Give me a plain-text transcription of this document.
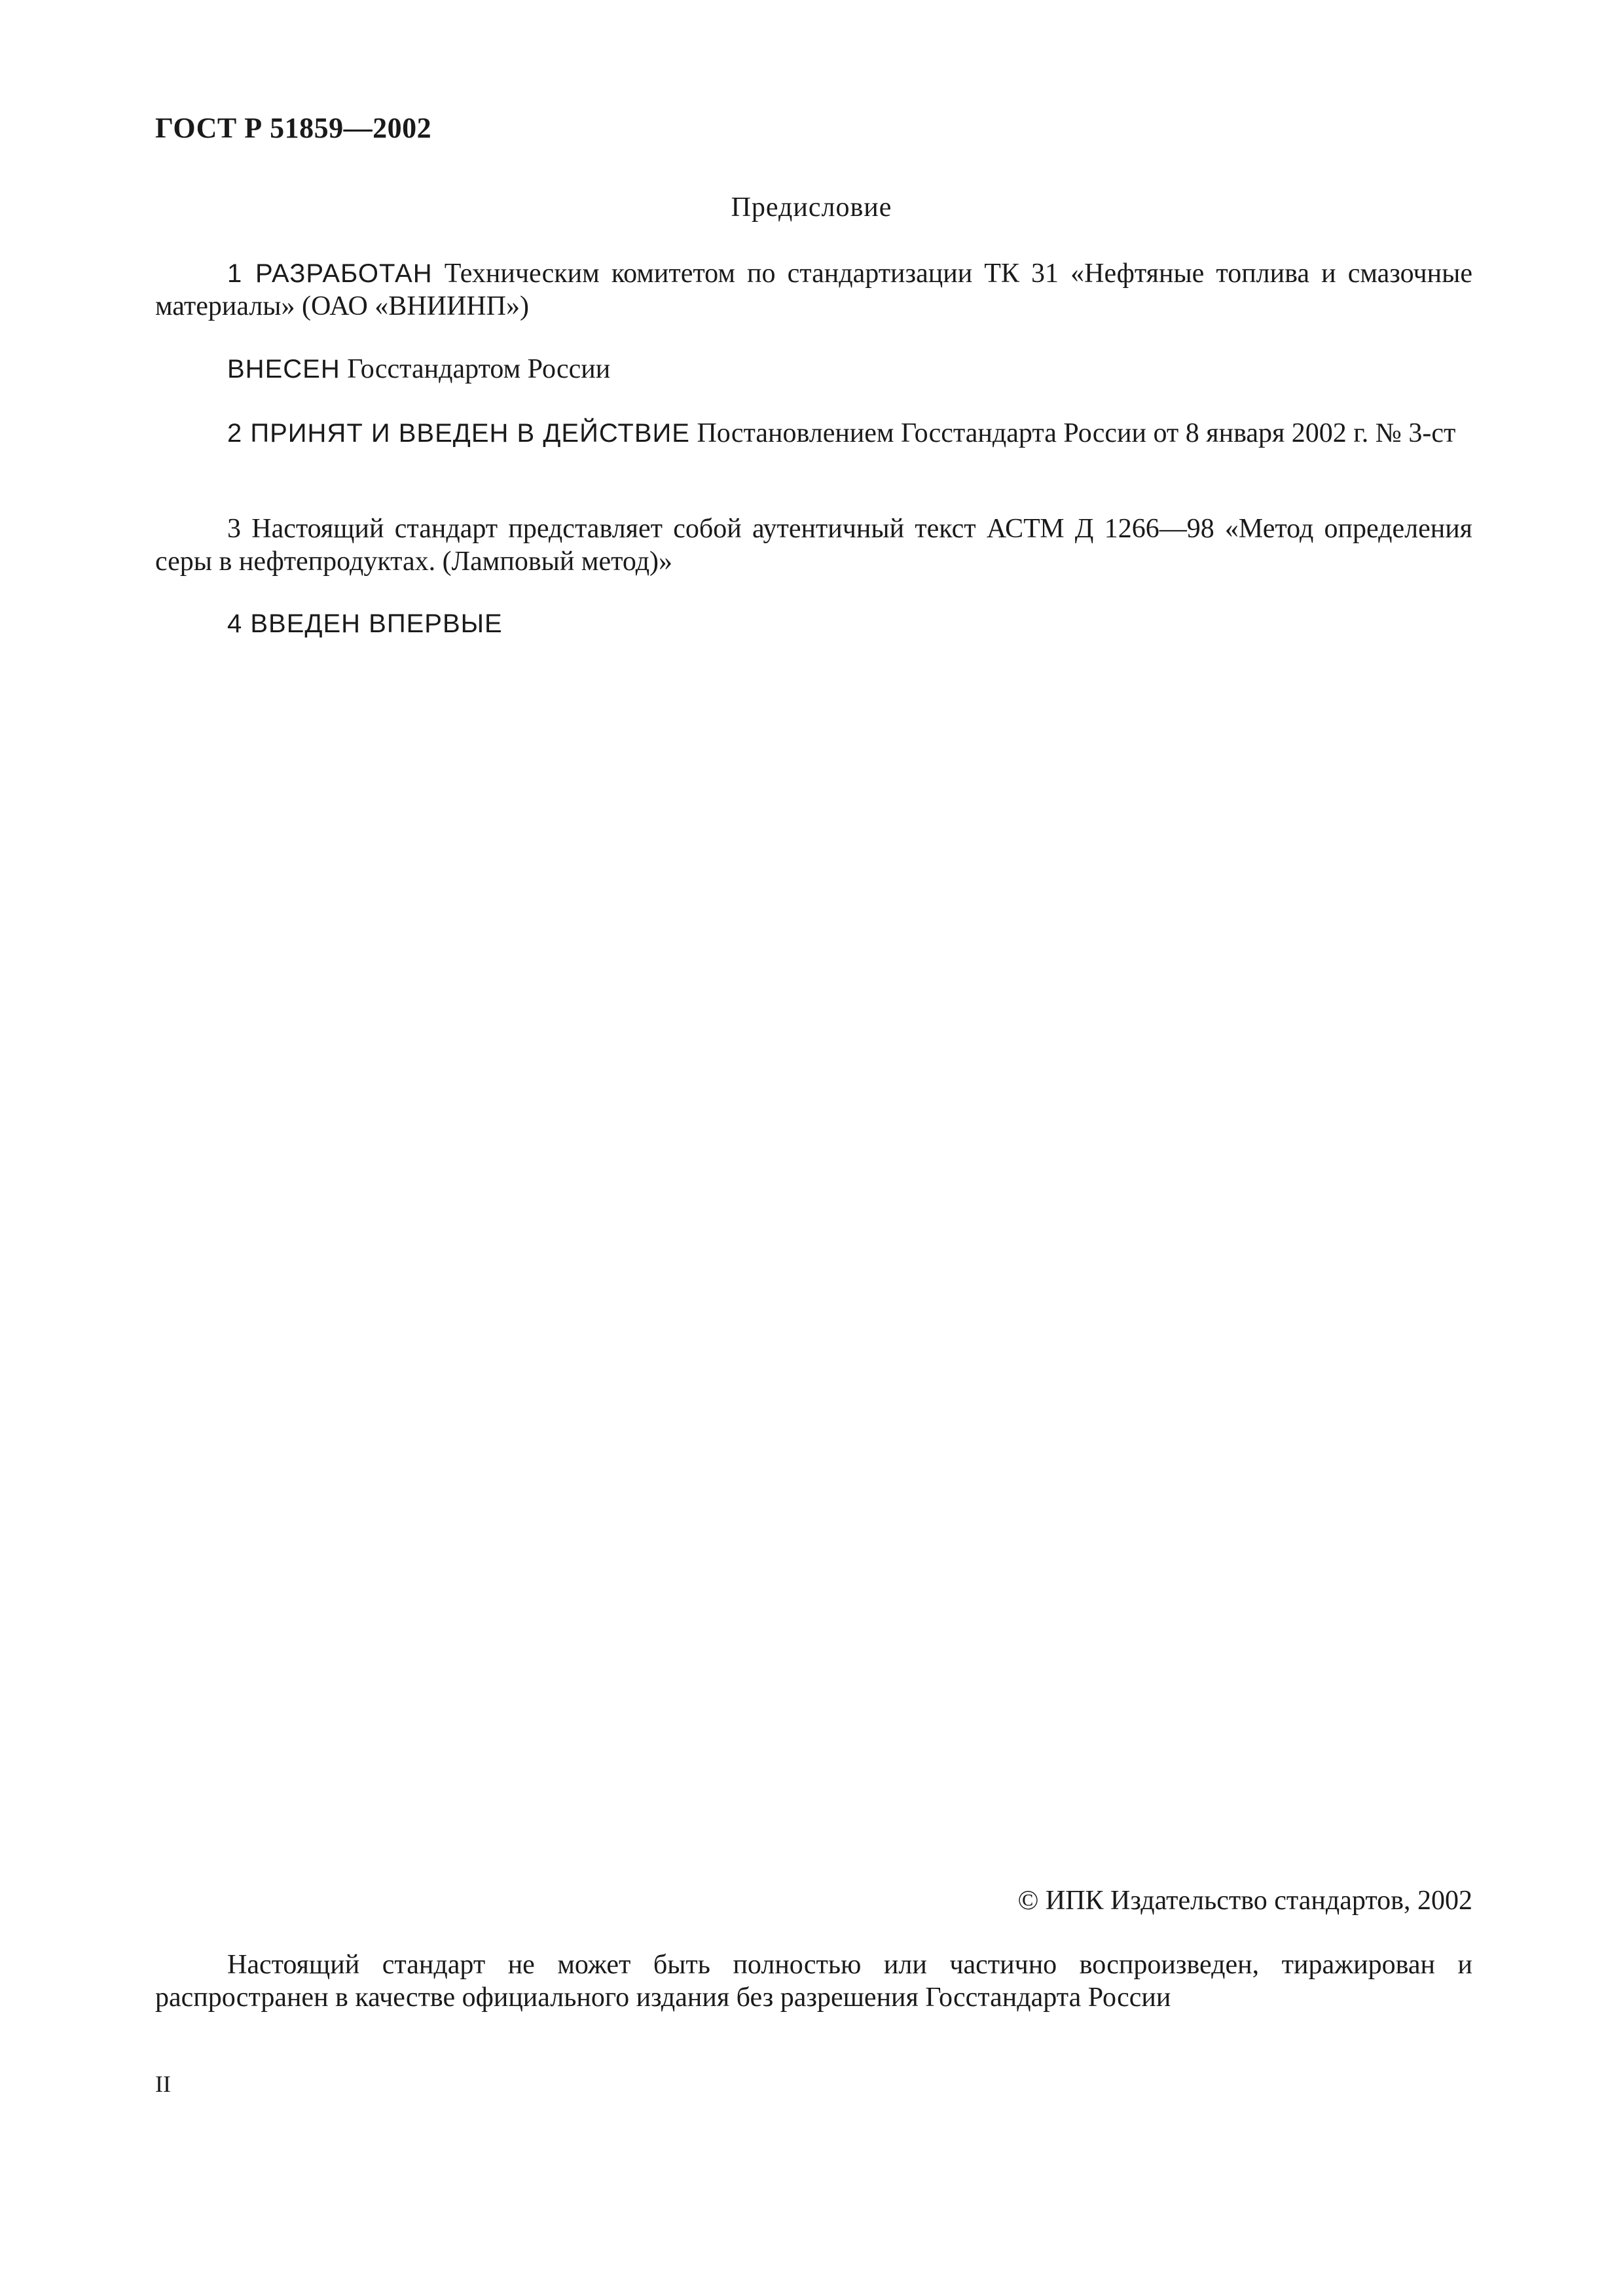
ГОСТ Р 51859—2002
Предисловие
1 РАЗРАБОТАН Техническим комитетом по стандартизации ТК 31 «Нефтяные топлива и смазочные материалы» (ОАО «ВНИИНП»)
ВНЕСЕН Госстандартом России
2 ПРИНЯТ И ВВЕДЕН В ДЕЙСТВИЕ Постановлением Госстандарта России от 8 января 2002 г. № 3-ст
3 Настоящий стандарт представляет собой аутентичный текст АСТМ Д 1266—98 «Метод определения серы в нефтепродуктах. (Ламповый метод)»
4 ВВЕДЕН ВПЕРВЫЕ
© ИПК Издательство стандартов, 2002
Настоящий стандарт не может быть полностью или частично воспроизведен, тиражирован и распространен в качестве официального издания без разрешения Госстандарта России
II
